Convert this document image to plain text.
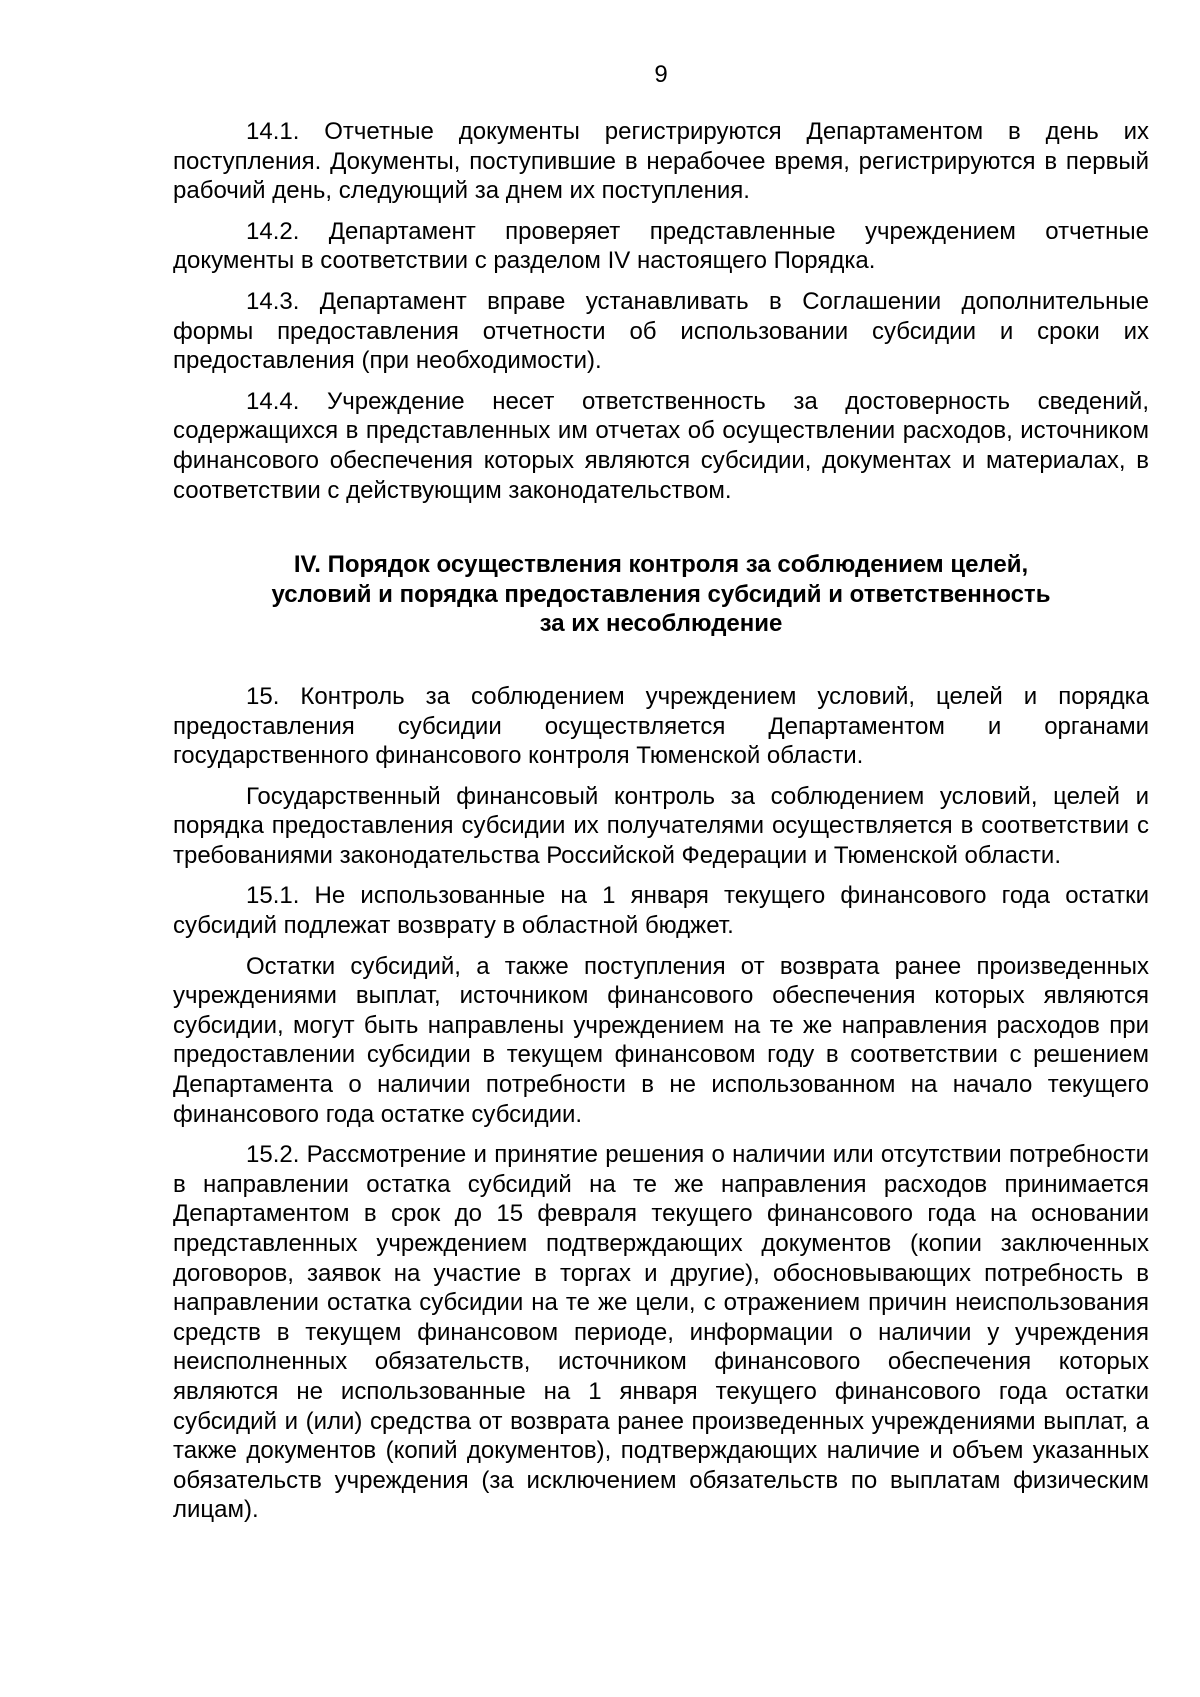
9

14.1. Отчетные документы регистрируются Департаментом в день их поступления. Документы, поступившие в нерабочее время, регистрируются в первый рабочий день, следующий за днем их поступления.

14.2. Департамент проверяет представленные учреждением отчетные документы в соответствии с разделом IV настоящего Порядка.

14.3. Департамент вправе устанавливать в Соглашении дополнительные формы предоставления отчетности об использовании субсидии и сроки их предоставления (при необходимости).

14.4. Учреждение несет ответственность за достоверность сведений, содержащихся в представленных им отчетах об осуществлении расходов, источником финансового обеспечения которых являются субсидии, документах и материалах, в соответствии с действующим законодательством.

IV. Порядок осуществления контроля за соблюдением целей,
условий и порядка предоставления субсидий и ответственность
за их несоблюдение

15. Контроль за соблюдением учреждением условий, целей и порядка предоставления субсидии осуществляется Департаментом и органами государственного финансового контроля Тюменской области.

Государственный финансовый контроль за соблюдением условий, целей и порядка предоставления субсидии их получателями осуществляется в соответствии с требованиями законодательства Российской Федерации и Тюменской области.

15.1. Не использованные на 1 января текущего финансового года остатки субсидий подлежат возврату в областной бюджет.

Остатки субсидий, а также поступления от возврата ранее произведенных учреждениями выплат, источником финансового обеспечения которых являются субсидии, могут быть направлены учреждением на те же направления расходов при предоставлении субсидии в текущем финансовом году в соответствии с решением Департамента о наличии потребности в не использованном на начало текущего финансового года остатке субсидии.

15.2. Рассмотрение и принятие решения о наличии или отсутствии потребности в направлении остатка субсидий на те же направления расходов принимается Департаментом в срок до 15 февраля текущего финансового года на основании представленных учреждением подтверждающих документов (копии заключенных договоров, заявок на участие в торгах и другие), обосновывающих потребность в направлении остатка субсидии на те же цели, с отражением причин неиспользования средств в текущем финансовом периоде, информации о наличии у учреждения неисполненных обязательств, источником финансового обеспечения которых являются не использованные на 1 января текущего финансового года остатки субсидий и (или) средства от возврата ранее произведенных учреждениями выплат, а также документов (копий документов), подтверждающих наличие и объем указанных обязательств учреждения (за исключением обязательств по выплатам физическим лицам).
